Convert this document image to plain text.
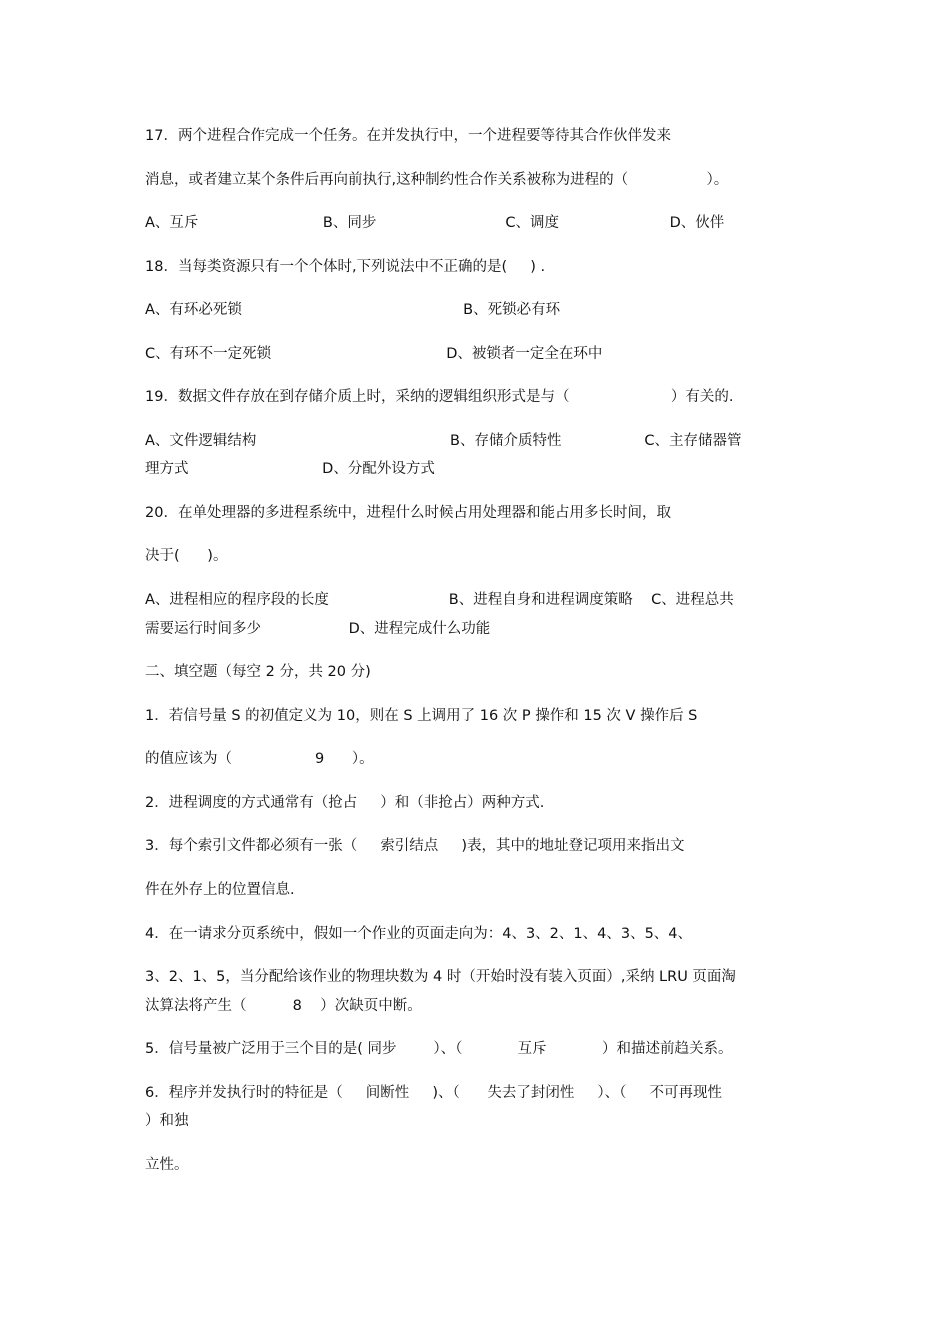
17．两个进程合作完成一个任务。在并发执行中，一个进程要等待其合作伙伴发来
消息，或者建立某个条件后再向前执行,这种制约性合作关系被称为进程的（                 ）。
A、互斥                           B、同步                            C、调度                        D、伙伴
18．当每类资源只有一个个体时,下列说法中不正确的是(     ) .
A、有环必死锁                                                B、死锁必有环
C、有环不一定死锁                                      D、被锁者一定全在环中
19．数据文件存放在到存储介质上时，采纳的逻辑组织形式是与（                      ）有关的.
A、文件逻辑结构                                          B、存储介质特性                  C、主存储器管
理方式                             D、分配外设方式
20．在单处理器的多进程系统中，进程什么时候占用处理器和能占用多长时间，取
决于(      )。
A、进程相应的程序段的长度                          B、进程自身和进程调度策略    C、进程总共
需要运行时间多少                   D、进程完成什么功能
二、填空题（每空 2 分，共 20 分)
1．若信号量 S 的初值定义为 10，则在 S 上调用了 16 次 P 操作和 15 次 V 操作后 S
的值应该为（                  9      ）。
2．进程调度的方式通常有（抢占     ）和（非抢占）两种方式.
3．每个索引文件都必须有一张（     索引结点     )表，其中的地址登记项用来指出文
件在外存上的位置信息.
4．在一请求分页系统中，假如一个作业的页面走向为：4、3、2、1、4、3、5、4、
3、2、1、5，当分配给该作业的物理块数为 4 时（开始时没有装入页面）,采纳 LRU 页面淘
汰算法将产生（          8    ）次缺页中断。
5．信号量被广泛用于三个目的是( 同步        ）、（            互斥            ）和描述前趋关系。
6．程序并发执行时的特征是（     间断性     )、（      失去了封闭性     ）、（     不可再现性
）和独
立性。
